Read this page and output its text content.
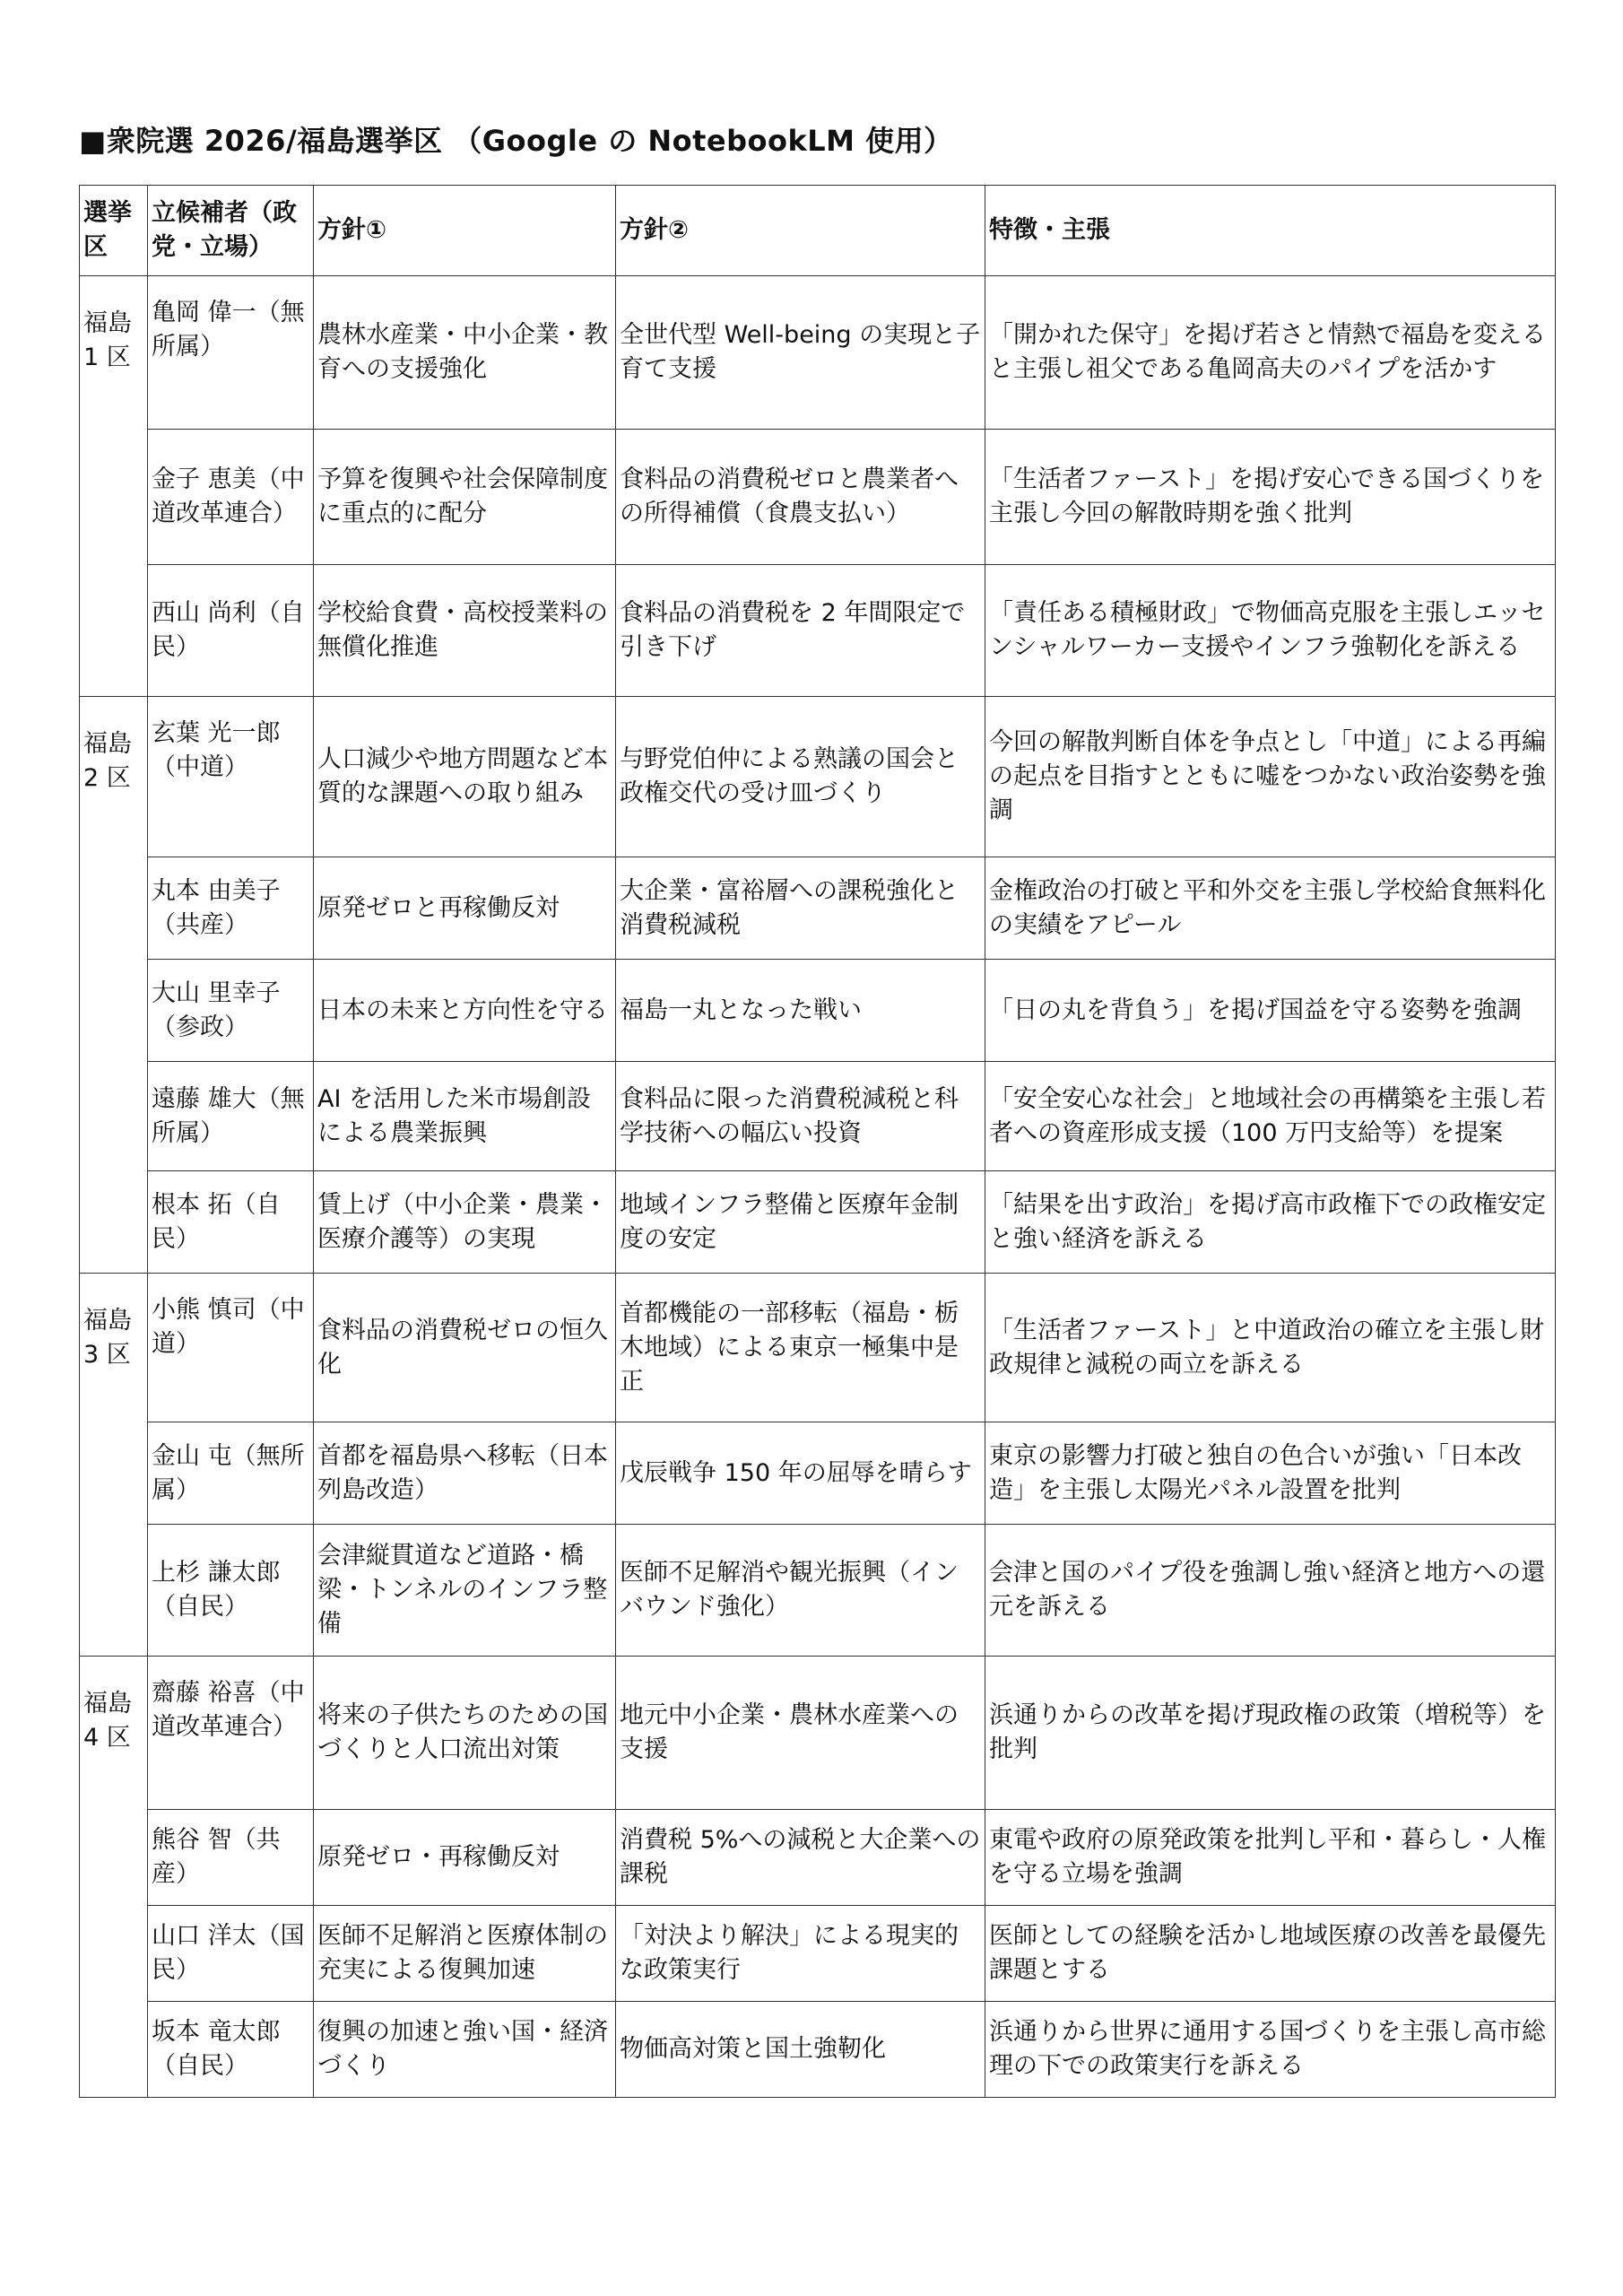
■衆院選 2026/福島選挙区 （Google の NotebookLM 使用）
選挙区	立候補者（政党・立場）	方針①	方針②	特徴・主張
福島 1 区	亀岡 偉一（無所属）	農林水産業・中小企業・教育への支援強化	全世代型 Well-being の実現と子育て支援	「開かれた保守」を掲げ若さと情熱で福島を変えると主張し祖父である亀岡高夫のパイプを活かす
	金子 恵美（中道改革連合）	予算を復興や社会保障制度に重点的に配分	食料品の消費税ゼロと農業者への所得補償（食農支払い）	「生活者ファースト」を掲げ安心できる国づくりを主張し今回の解散時期を強く批判
	西山 尚利（自民）	学校給食費・高校授業料の無償化推進	食料品の消費税を 2 年間限定で引き下げ	「責任ある積極財政」で物価高克服を主張しエッセンシャルワーカー支援やインフラ強靭化を訴える
福島 2 区	玄葉 光一郎（中道）	人口減少や地方問題など本質的な課題への取り組み	与野党伯仲による熟議の国会と政権交代の受け皿づくり	今回の解散判断自体を争点とし「中道」による再編の起点を目指すとともに嘘をつかない政治姿勢を強調
	丸本 由美子（共産）	原発ゼロと再稼働反対	大企業・富裕層への課税強化と消費税減税	金権政治の打破と平和外交を主張し学校給食無料化の実績をアピール
	大山 里幸子（参政）	日本の未来と方向性を守る	福島一丸となった戦い	「日の丸を背負う」を掲げ国益を守る姿勢を強調
	遠藤 雄大（無所属）	AI を活用した米市場創設による農業振興	食料品に限った消費税減税と科学技術への幅広い投資	「安全安心な社会」と地域社会の再構築を主張し若者への資産形成支援（100 万円支給等）を提案
	根本 拓（自民）	賃上げ（中小企業・農業・医療介護等）の実現	地域インフラ整備と医療年金制度の安定	「結果を出す政治」を掲げ高市政権下での政権安定と強い経済を訴える
福島 3 区	小熊 慎司（中道）	食料品の消費税ゼロの恒久化	首都機能の一部移転（福島・栃木地域）による東京一極集中是正	「生活者ファースト」と中道政治の確立を主張し財政規律と減税の両立を訴える
	金山 屯（無所属）	首都を福島県へ移転（日本列島改造）	戊辰戦争 150 年の屈辱を晴らす	東京の影響力打破と独自の色合いが強い「日本改造」を主張し太陽光パネル設置を批判
	上杉 謙太郎（自民）	会津縦貫道など道路・橋梁・トンネルのインフラ整備	医師不足解消や観光振興（インバウンド強化）	会津と国のパイプ役を強調し強い経済と地方への還元を訴える
福島 4 区	齋藤 裕喜（中道改革連合）	将来の子供たちのための国づくりと人口流出対策	地元中小企業・農林水産業への支援	浜通りからの改革を掲げ現政権の政策（増税等）を批判
	熊谷 智（共産）	原発ゼロ・再稼働反対	消費税 5%への減税と大企業への課税	東電や政府の原発政策を批判し平和・暮らし・人権を守る立場を強調
	山口 洋太（国民）	医師不足解消と医療体制の充実による復興加速	「対決より解決」による現実的な政策実行	医師としての経験を活かし地域医療の改善を最優先課題とする
	坂本 竜太郎（自民）	復興の加速と強い国・経済づくり	物価高対策と国土強靭化	浜通りから世界に通用する国づくりを主張し高市総理の下での政策実行を訴える
